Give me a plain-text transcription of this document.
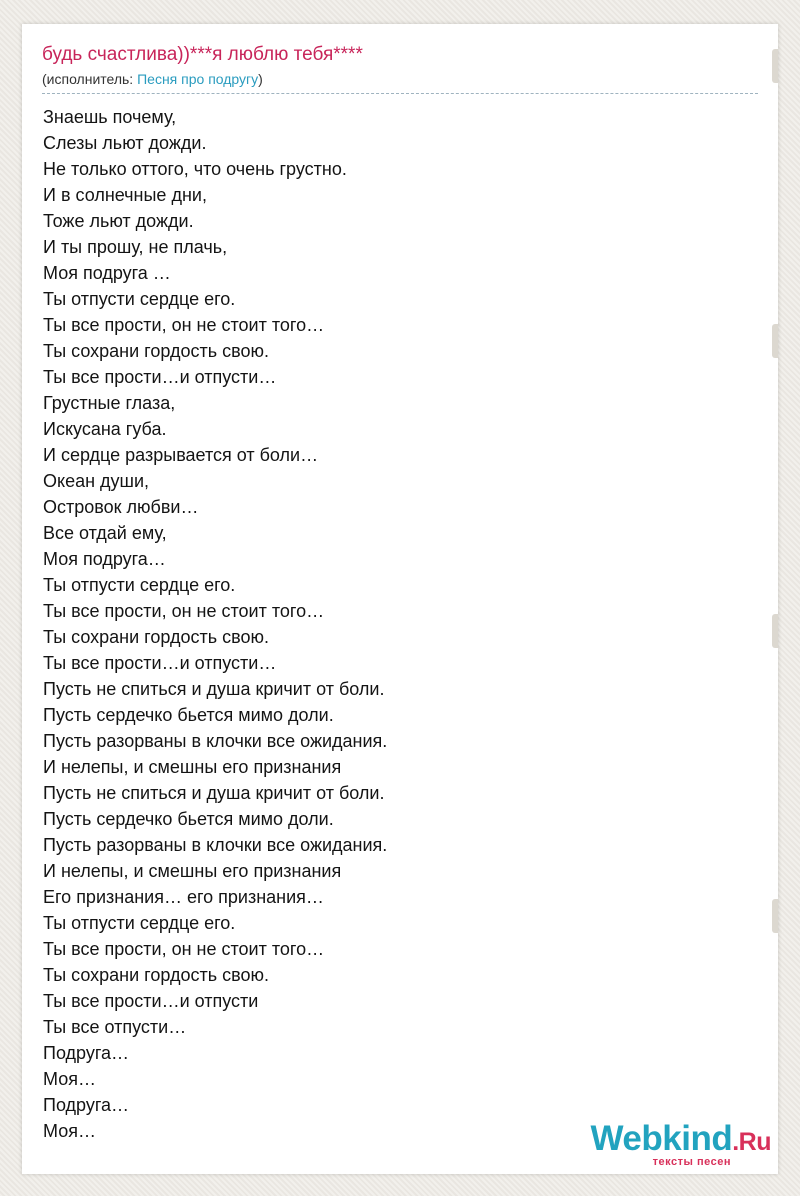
будь счастлива))***я люблю тебя****
(исполнитель: Песня про подругу)
Знаешь почему,
Слезы льют дожди.
Не только оттого, что очень грустно.
И в солнечные дни,
Тоже льют дожди.
И ты прошу, не плачь,
Моя подруга …
Ты отпусти сердце его.
Ты все прости, он не стоит того…
Ты сохрани гордость свою.
Ты все прости…и отпусти…
Грустные глаза,
Искусана губа.
И сердце разрывается от боли…
Океан души,
Островок любви…
Все отдай ему,
Моя подруга…
Ты отпусти сердце его.
Ты все прости, он не стоит того…
Ты сохрани гордость свою.
Ты все прости…и отпусти…
Пусть не спиться и душа кричит от боли.
Пусть сердечко бьется мимо доли.
Пусть разорваны в клочки все ожидания.
И нелепы, и смешны его признания
Пусть не спиться и душа кричит от боли.
Пусть сердечко бьется мимо доли.
Пусть разорваны в клочки все ожидания.
И нелепы, и смешны его признания
Его признания… его признания…
Ты отпусти сердце его.
Ты все прости, он не стоит того…
Ты сохрани гордость свою.
Ты все прости…и отпусти
Ты все отпусти…
Подруга…
Моя…
Подруга…
Моя…	Webkind.Ru
тексты песен
